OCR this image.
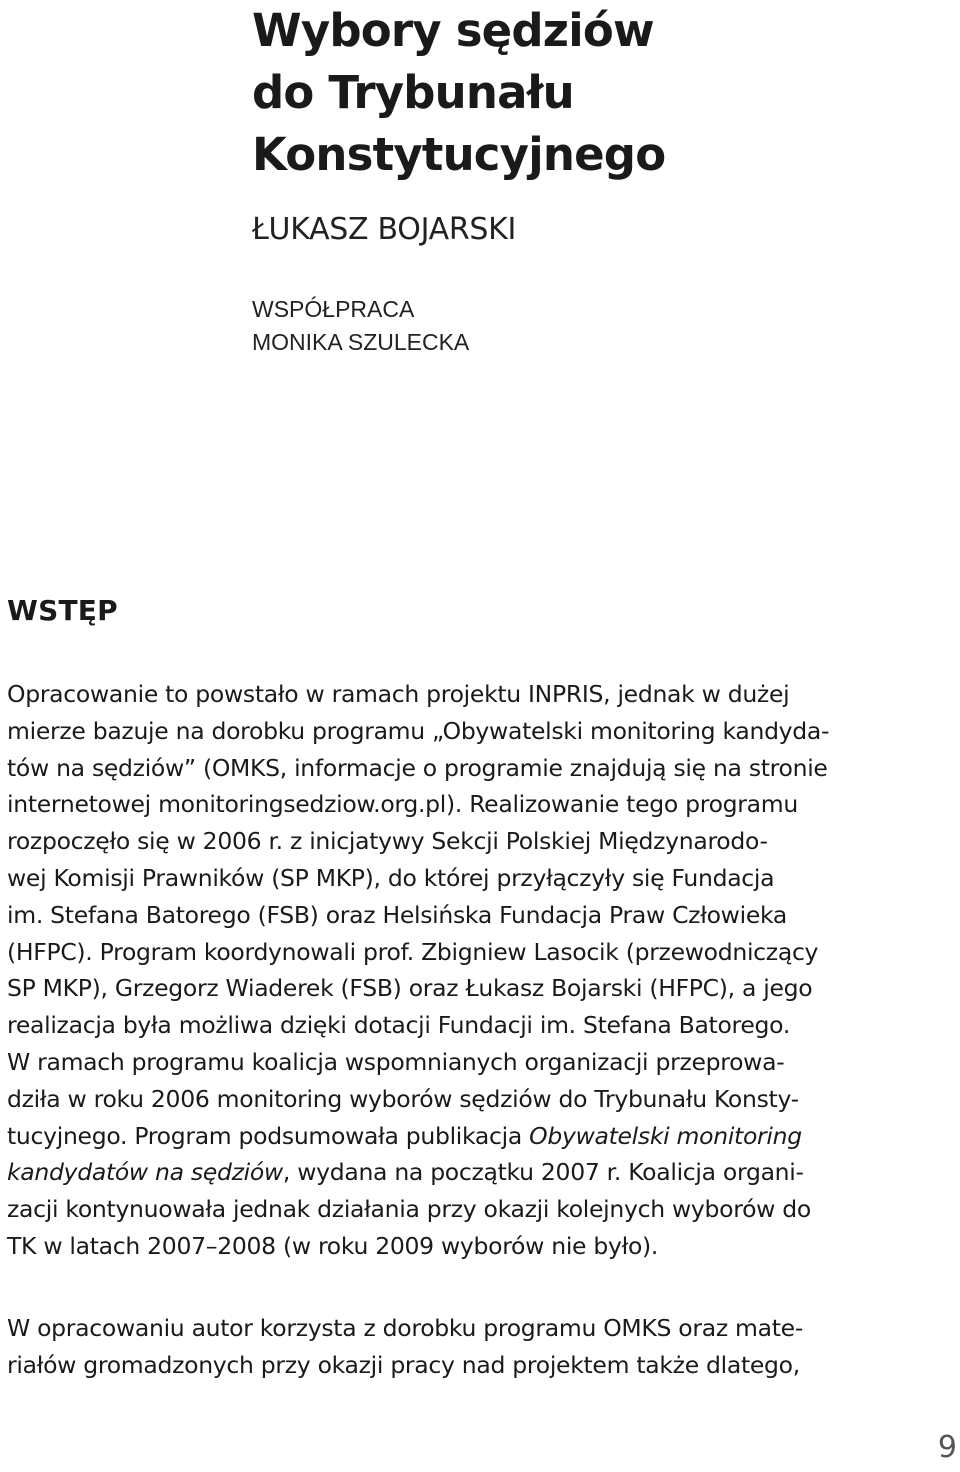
Wybory sędziów
do Trybunału
Konstytucyjnego

ŁUKASZ BOJARSKI

WSPÓŁPRACA
MONIKA SZULECKA
WSTĘP
Opracowanie to powstało w ramach projektu INPRIS, jednak w dużej
mierze bazuje na dorobku programu „Obywatelski monitoring kandyda-
tów na sędziów” (OMKS, informacje o programie znajdują się na stronie
internetowej monitoringsedziow.org.pl). Realizowanie tego programu
rozpoczęło się w 2006 r. z inicjatywy Sekcji Polskiej Międzynarodo-
wej Komisji Prawników (SP MKP), do której przyłączyły się Fundacja
im. Stefana Batorego (FSB) oraz Helsińska Fundacja Praw Człowieka
(HFPC). Program koordynowali prof. Zbigniew Lasocik (przewodniczący
SP MKP), Grzegorz Wiaderek (FSB) oraz Łukasz Bojarski (HFPC), a jego
realizacja była możliwa dzięki dotacji Fundacji im. Stefana Batorego.
W ramach programu koalicja wspomnianych organizacji przeprowa-
dziła w roku 2006 monitoring wyborów sędziów do Trybunału Konsty-
tucyjnego. Program podsumowała publikacja Obywatelski monitoring
kandydatów na sędziów, wydana na początku 2007 r. Koalicja organi-
zacji kontynuowała jednak działania przy okazji kolejnych wyborów do
TK w latach 2007–2008 (w roku 2009 wyborów nie było).
W opracowaniu autor korzysta z dorobku programu OMKS oraz mate-
riałów gromadzonych przy okazji pracy nad projektem także dlatego,
9
